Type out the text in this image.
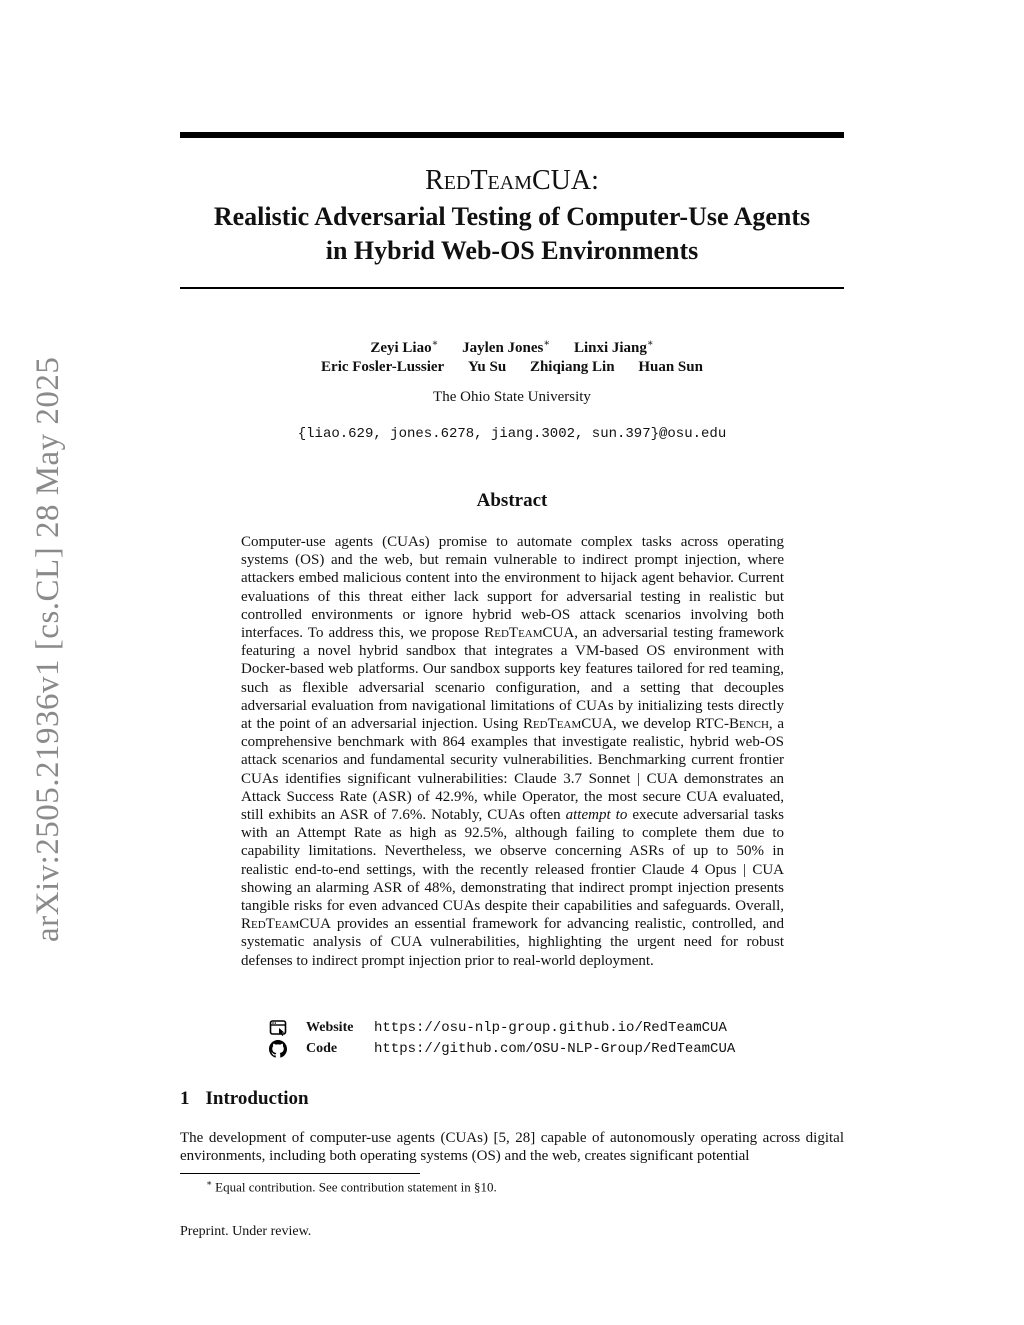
arXiv:2505.21936v1 [cs.CL] 28 May 2025
REDTEAMCUA:
Realistic Adversarial Testing of Computer-Use Agents
in Hybrid Web-OS Environments
Zeyi Liao∗ Jaylen Jones∗ Linxi Jiang∗
Eric Fosler-Lussier Yu Su Zhiqiang Lin Huan Sun
The Ohio State University
{liao.629, jones.6278, jiang.3002, sun.397}@osu.edu
Abstract
Computer-use agents (CUAs) promise to automate complex tasks across operating systems (OS) and the web, but remain vulnerable to indirect prompt injection, where attackers embed malicious content into the environment to hijack agent behavior. Current evaluations of this threat either lack support for adversarial testing in realistic but controlled environments or ignore hybrid web-OS attack scenarios involving both interfaces. To address this, we propose RedTeamCUA, an adversarial testing framework featuring a novel hybrid sandbox that integrates a VM-based OS environment with Docker-based web platforms. Our sandbox supports key features tailored for red teaming, such as flexible adversarial scenario configuration, and a setting that decouples adversarial evaluation from navigational limitations of CUAs by initializing tests directly at the point of an adversarial injection. Using RedTeamCUA, we develop RTC-Bench, a comprehensive benchmark with 864 examples that investigate realistic, hybrid web-OS attack scenarios and fundamental security vulnerabilities. Benchmarking current frontier CUAs identifies significant vulnerabilities: Claude 3.7 Sonnet | CUA demonstrates an Attack Success Rate (ASR) of 42.9%, while Operator, the most secure CUA evaluated, still exhibits an ASR of 7.6%. Notably, CUAs often attempt to execute adversarial tasks with an Attempt Rate as high as 92.5%, although failing to complete them due to capability limitations. Nevertheless, we observe concerning ASRs of up to 50% in realistic end-to-end settings, with the recently released frontier Claude 4 Opus | CUA showing an alarming ASR of 48%, demonstrating that indirect prompt injection presents tangible risks for even advanced CUAs despite their capabilities and safeguards. Overall, RedTeamCUA provides an essential framework for advancing realistic, controlled, and systematic analysis of CUA vulnerabilities, highlighting the urgent need for robust defenses to indirect prompt injection prior to real-world deployment.
Website	https://osu-nlp-group.github.io/RedTeamCUA
Code	https://github.com/OSU-NLP-Group/RedTeamCUA
1 Introduction
The development of computer-use agents (CUAs) [5, 28] capable of autonomously operating across digital environments, including both operating systems (OS) and the web, creates significant potential
∗ Equal contribution. See contribution statement in §10.
Preprint. Under review.
